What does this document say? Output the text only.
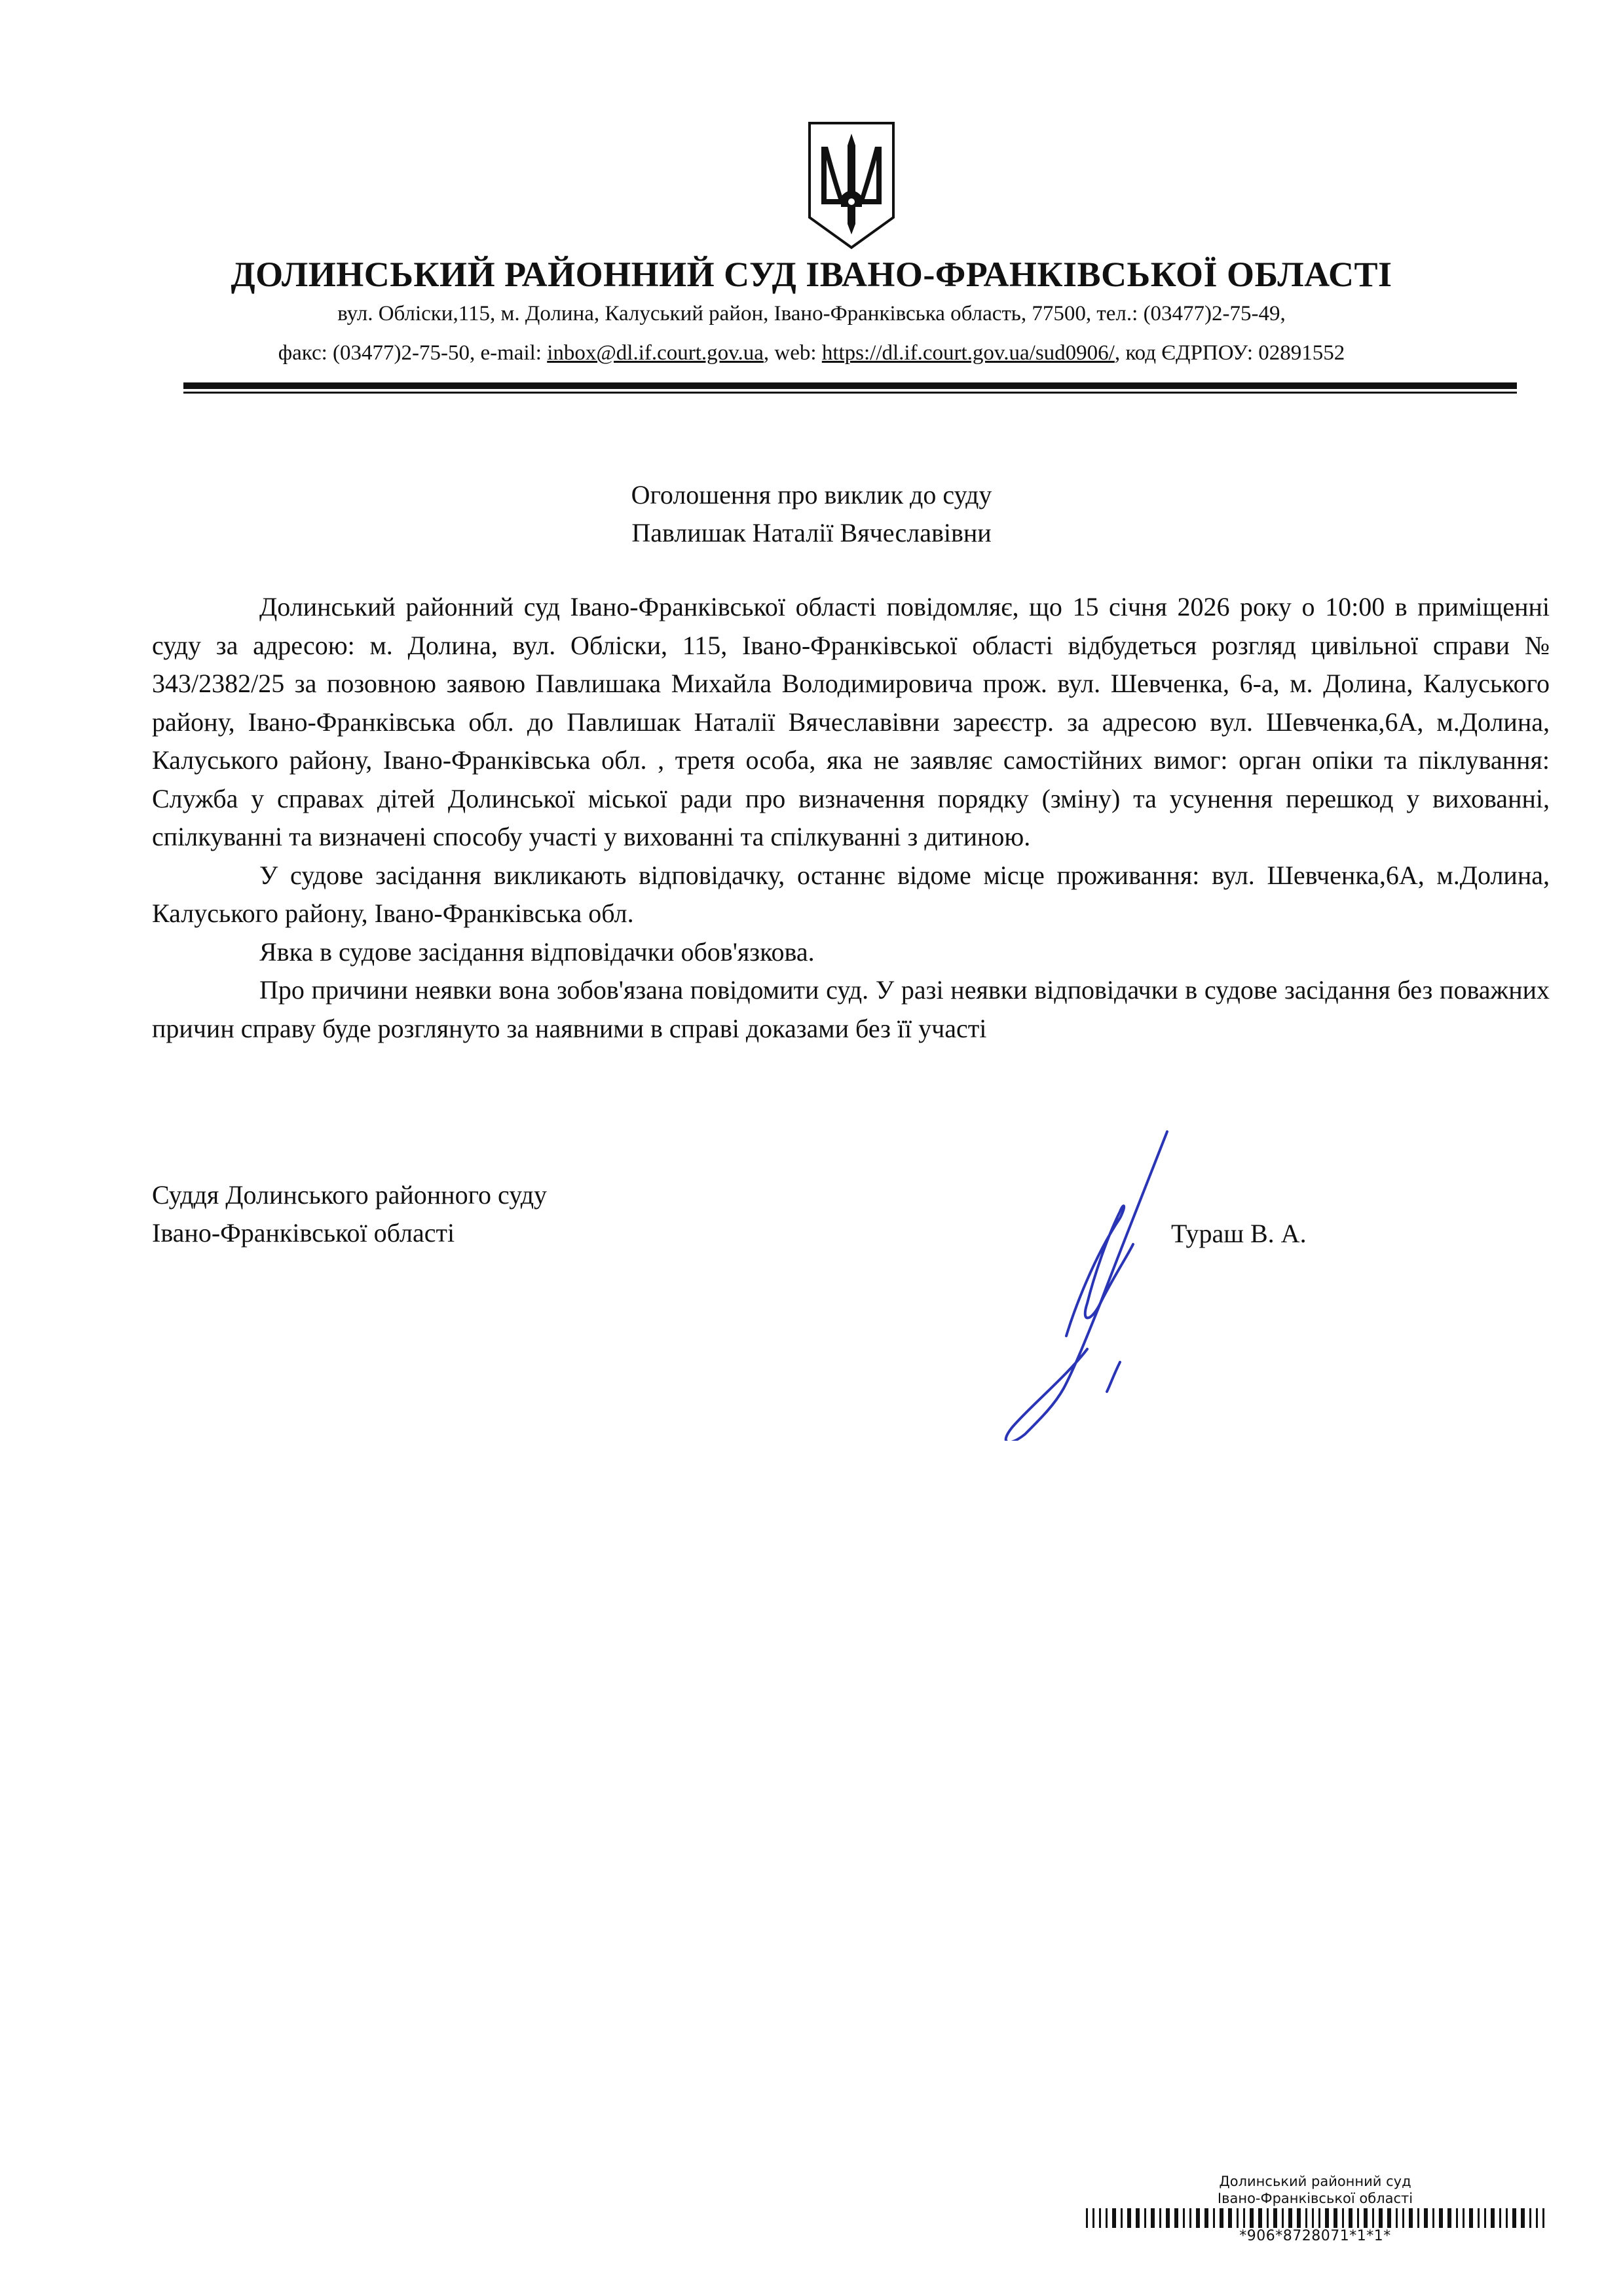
ДОЛИНСЬКИЙ РАЙОННИЙ СУД ІВАНО-ФРАНКІВСЬКОЇ ОБЛАСТІ
вул. Обліски,115, м. Долина, Калуський район, Івано-Франківська область, 77500, тел.: (03477)2-75-49,
факс: (03477)2-75-50, e-mail: inbox@dl.if.court.gov.ua, web: https://dl.if.court.gov.ua/sud0906/, код ЄДРПОУ: 02891552
Оголошення про виклик до суду
Павлишак Наталії Вячеславівни

Долинський районний суд Івано-Франківської області повідомляє, що 15 січня 2026 року о 10:00 в приміщенні суду за адресою: м. Долина, вул. Обліски, 115, Івано-Франківської області відбудеться розгляд цивільної справи № 343/2382/25 за позовною заявою Павлишака Михайла Володимировича прож. вул. Шевченка, 6-а, м. Долина, Калуського району, Івано-Франківська обл. до Павлишак Наталії Вячеславівни зареєстр. за адресою вул. Шевченка,6А, м.Долина, Калуського району, Івано-Франківська обл. , третя особа, яка не заявляє самостійних вимог: орган опіки та піклування: Служба у справах дітей Долинської міської ради про визначення порядку (зміну) та усунення перешкод у вихованні, спілкуванні та визначені способу участі у вихованні та спілкуванні з дитиною.

У судове засідання викликають відповідачку, останнє відоме місце проживання: вул. Шевченка,6А, м.Долина, Калуського району, Івано-Франківська обл.

Явка в судове засідання відповідачки обов'язкова.

Про причини неявки вона зобов'язана повідомити суд. У разі неявки відповідачки в судове засідання без поважних причин справу буде розглянуто за наявними в справі доказами без її участі

Суддя Долинського районного суду
Івано-Франківської області	Тураш В. А.
Долинський районний суд
Івано-Франківської області
*906*8728071*1*1*
